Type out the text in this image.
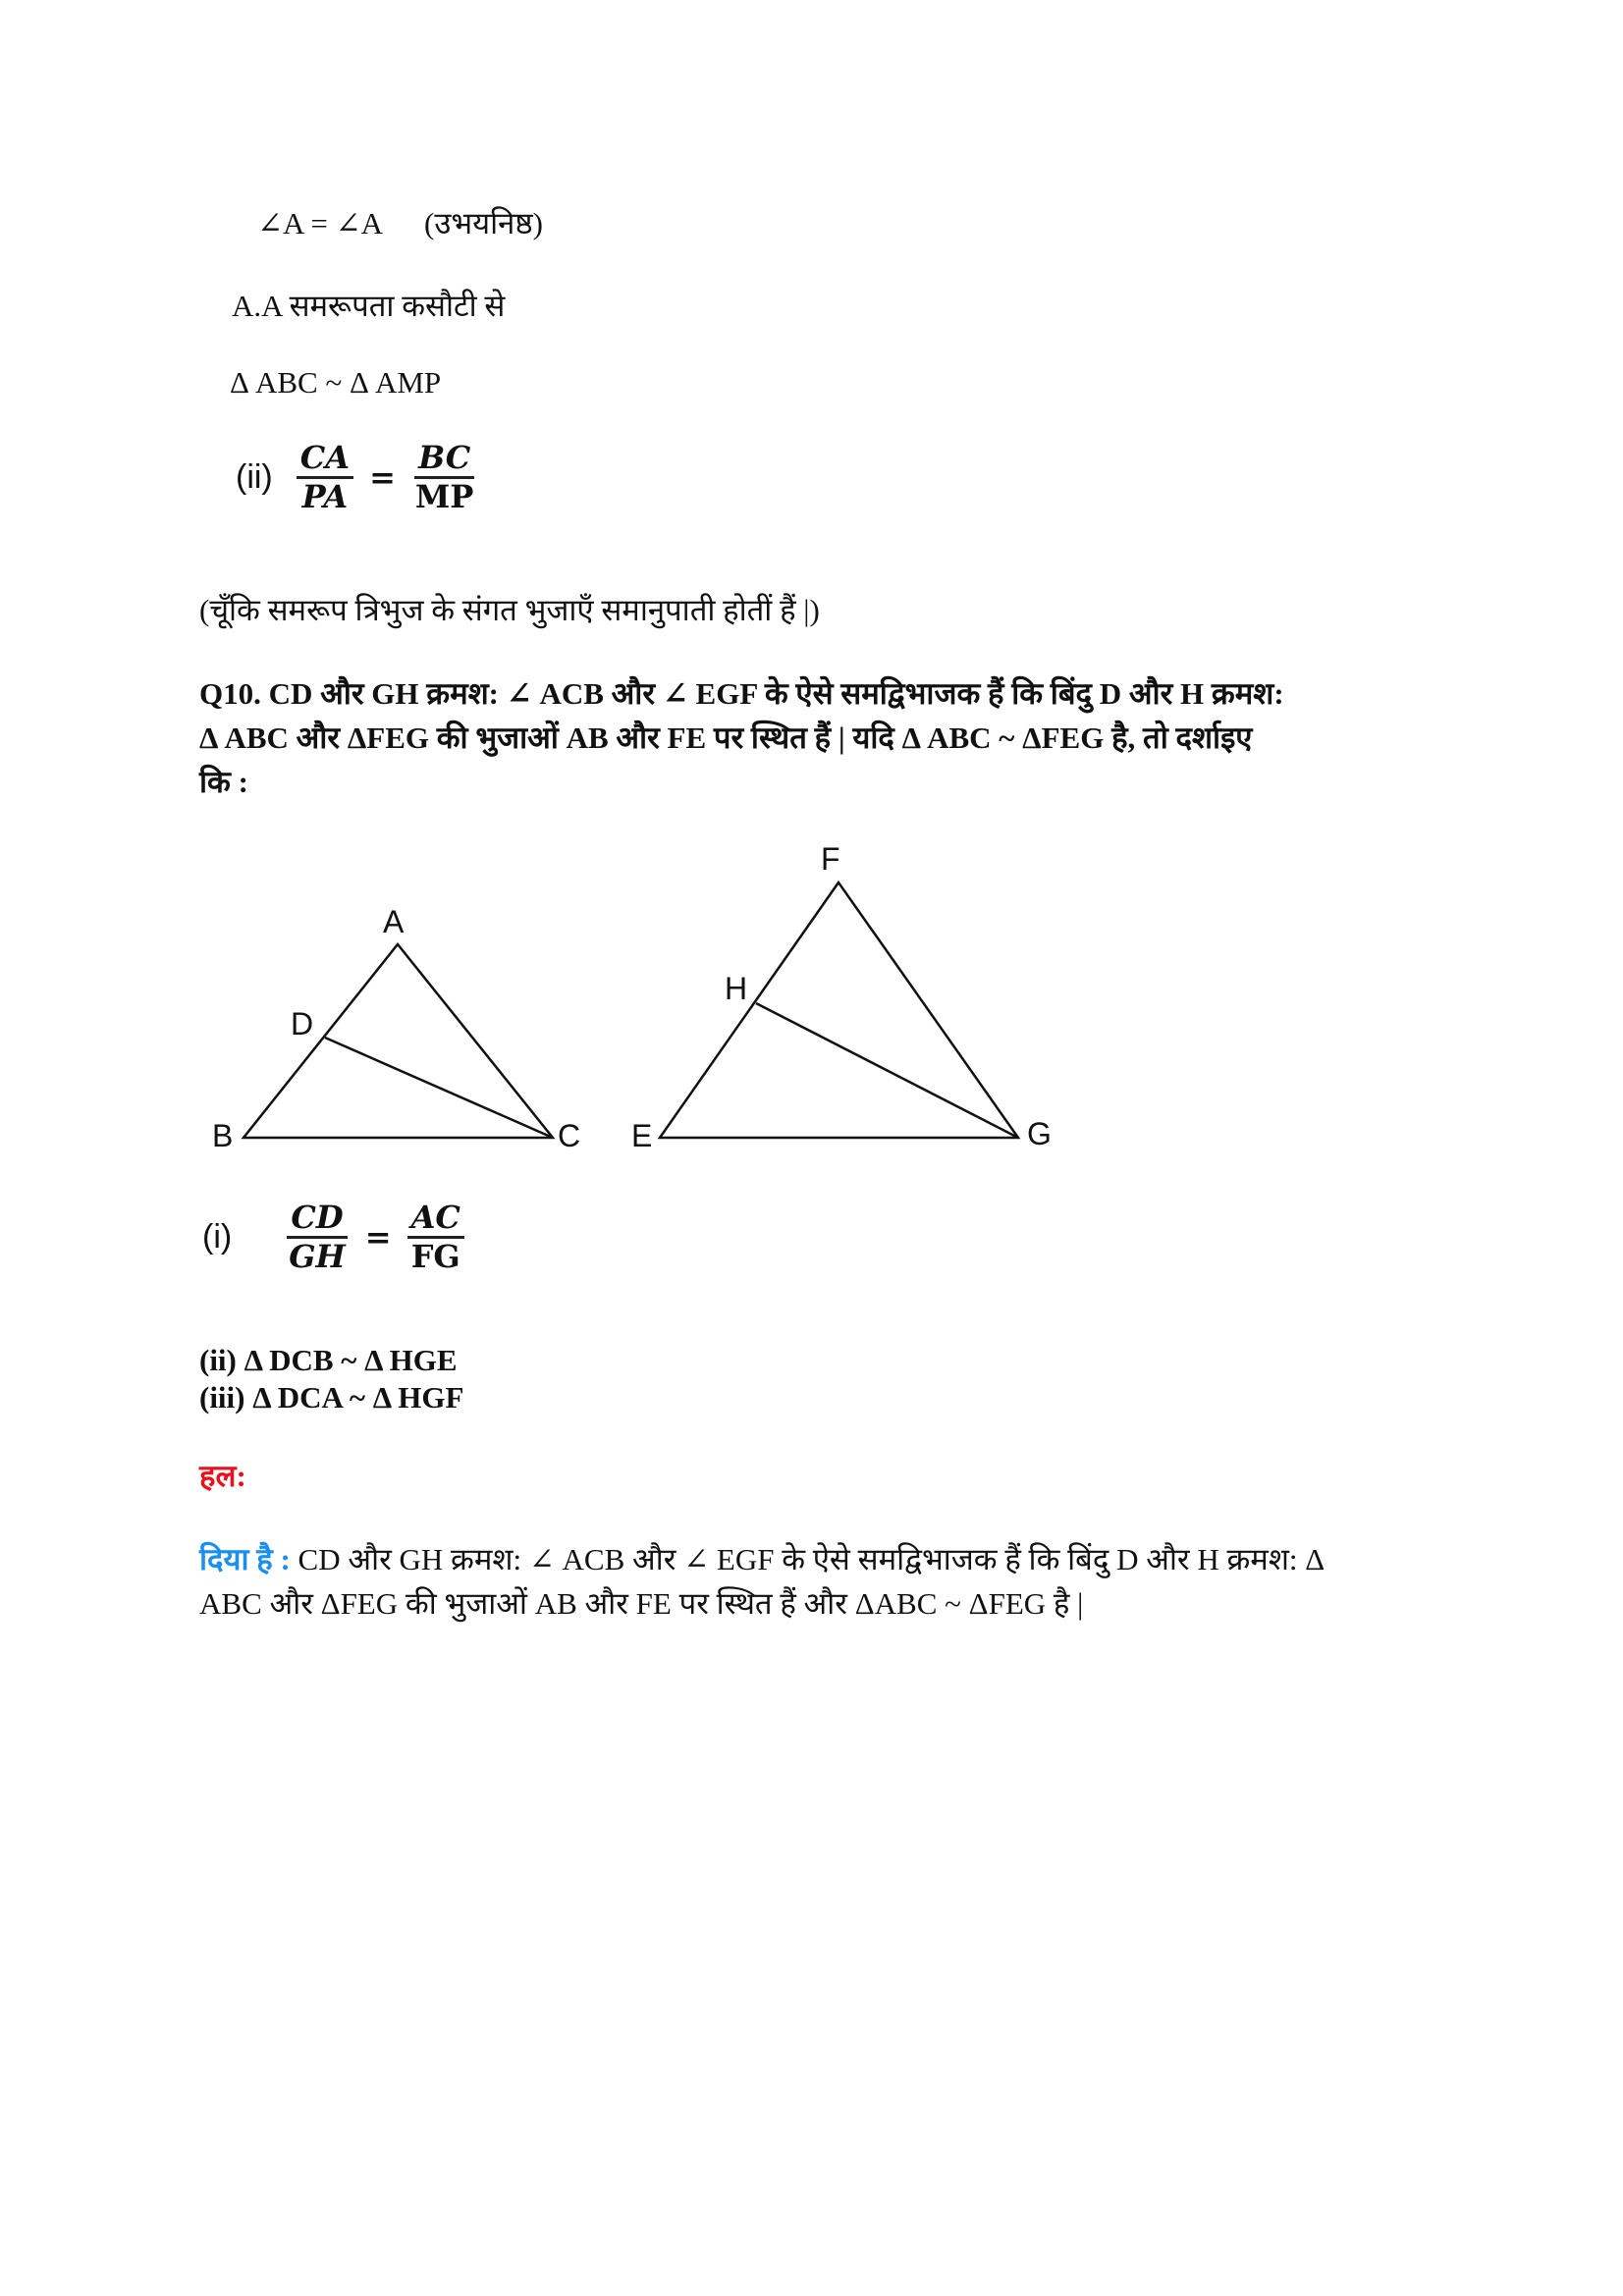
∠A = ∠A (उभयनिष्ठ)
A.A समरूपता कसौटी से
Δ ABC ~ Δ AMP
$(ii) \frac{CA}{PA} = \frac{BC}{MP}$
(चूँकि समरूप त्रिभुज के संगत भुजाएँ समानुपाती होतीं हैं |)
Q10. CD और GH क्रमश: ∠ ACB और ∠ EGF के ऐसे समद्विभाजक हैं कि बिंदु D और H क्रमश:
Δ ABC और ΔFEG की भुजाओं AB और FE पर स्थित हैं | यदि Δ ABC ~ ΔFEG है, तो दर्शाइए
कि :
A
D
B	C
F
H
E	G
$(i) \frac{CD}{GH} = \frac{AC}{FG}$
(ii) Δ DCB ~ Δ HGE
(iii) Δ DCA ~ Δ HGF
हल:
दिया है : CD और GH क्रमश: ∠ ACB और ∠ EGF के ऐसे समद्विभाजक हैं कि बिंदु D और H क्रमश: Δ
ABC और ΔFEG की भुजाओं AB और FE पर स्थित हैं और ΔABC ~ ΔFEG है |
